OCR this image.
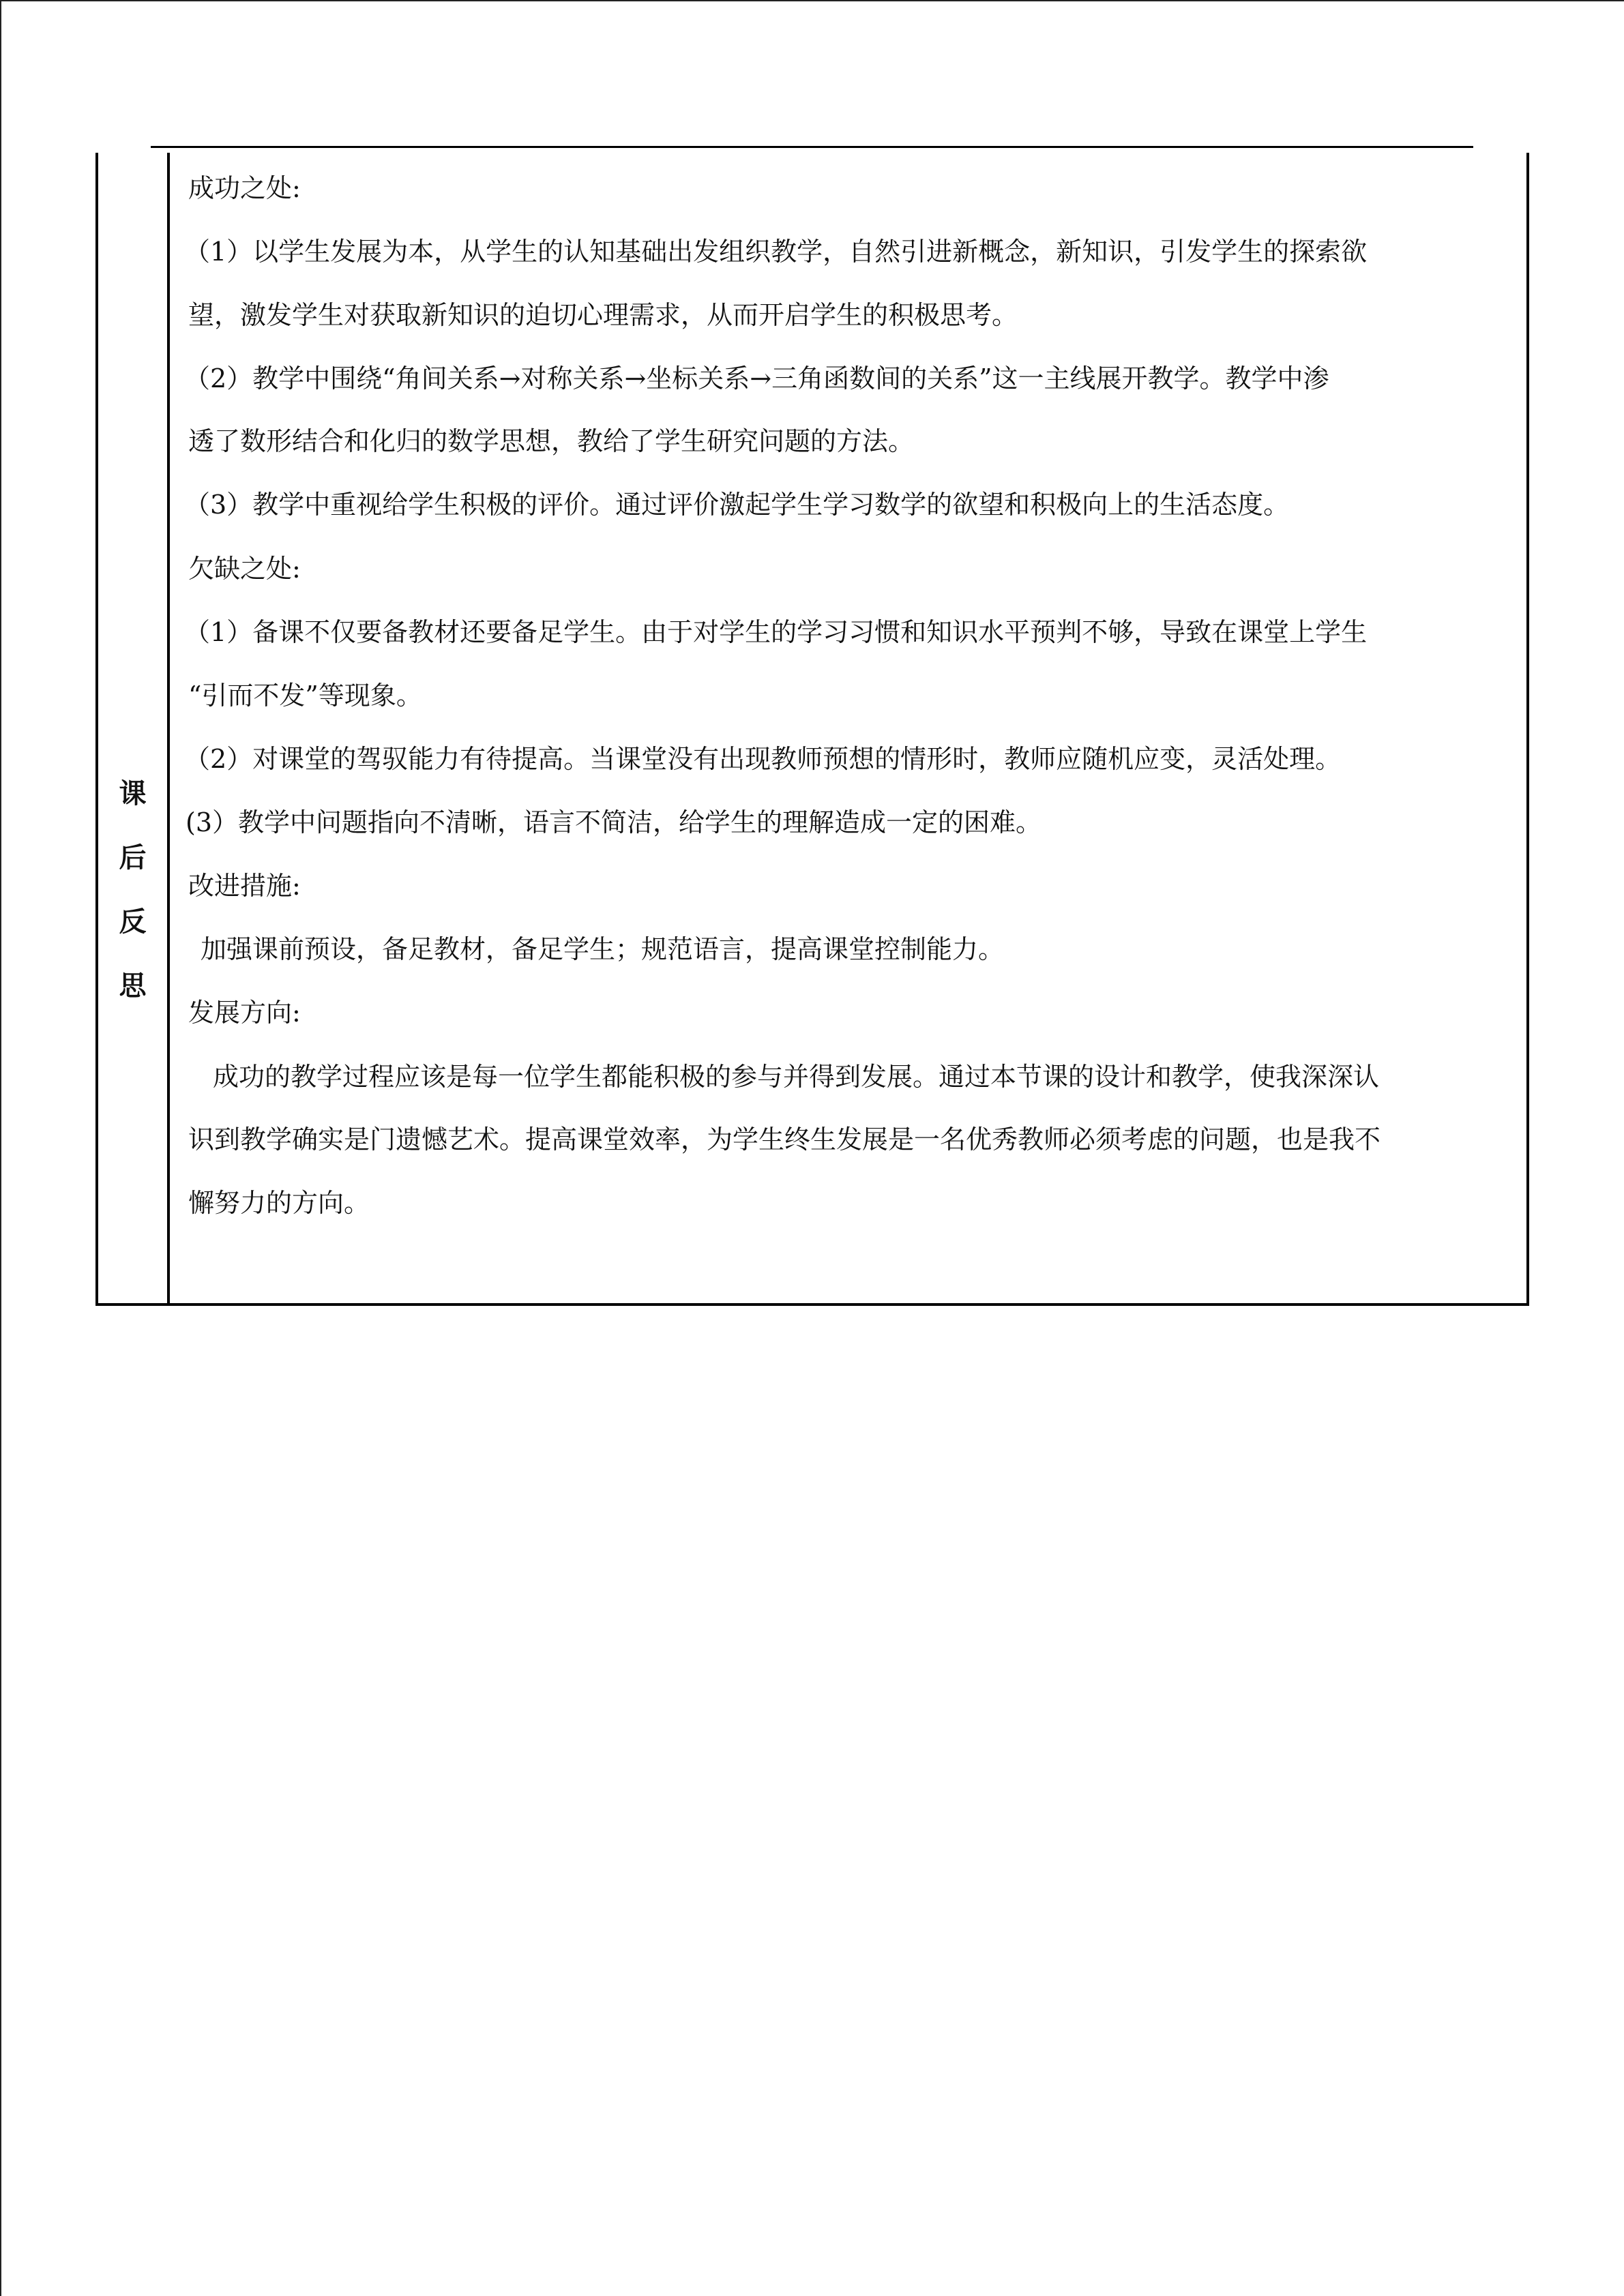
课
后
反
思
成功之处:
（1）以学生发展为本，从学生的认知基础出发组织教学，自然引进新概念，新知识，引发学生的探索欲
望，激发学生对获取新知识的迫切心理需求，从而开启学生的积极思考。
（2）教学中围绕“角间关系→对称关系→坐标关系→三角函数间的关系”这一主线展开教学。教学中渗
透了数形结合和化归的数学思想，教给了学生研究问题的方法。
（3）教学中重视给学生积极的评价。通过评价激起学生学习数学的欲望和积极向上的生活态度。
欠缺之处:
（1）备课不仅要备教材还要备足学生。由于对学生的学习习惯和知识水平预判不够，导致在课堂上学生
“引而不发”等现象。
（2）对课堂的驾驭能力有待提高。当课堂没有出现教师预想的情形时，教师应随机应变，灵活处理。
(3）教学中问题指向不清晰，语言不简洁，给学生的理解造成一定的困难。
改进措施:
加强课前预设，备足教材，备足学生；规范语言，提高课堂控制能力。
发展方向:
成功的教学过程应该是每一位学生都能积极的参与并得到发展。通过本节课的设计和教学，使我深深认
识到教学确实是门遗憾艺术。提高课堂效率，为学生终生发展是一名优秀教师必须考虑的问题，也是我不
懈努力的方向。
